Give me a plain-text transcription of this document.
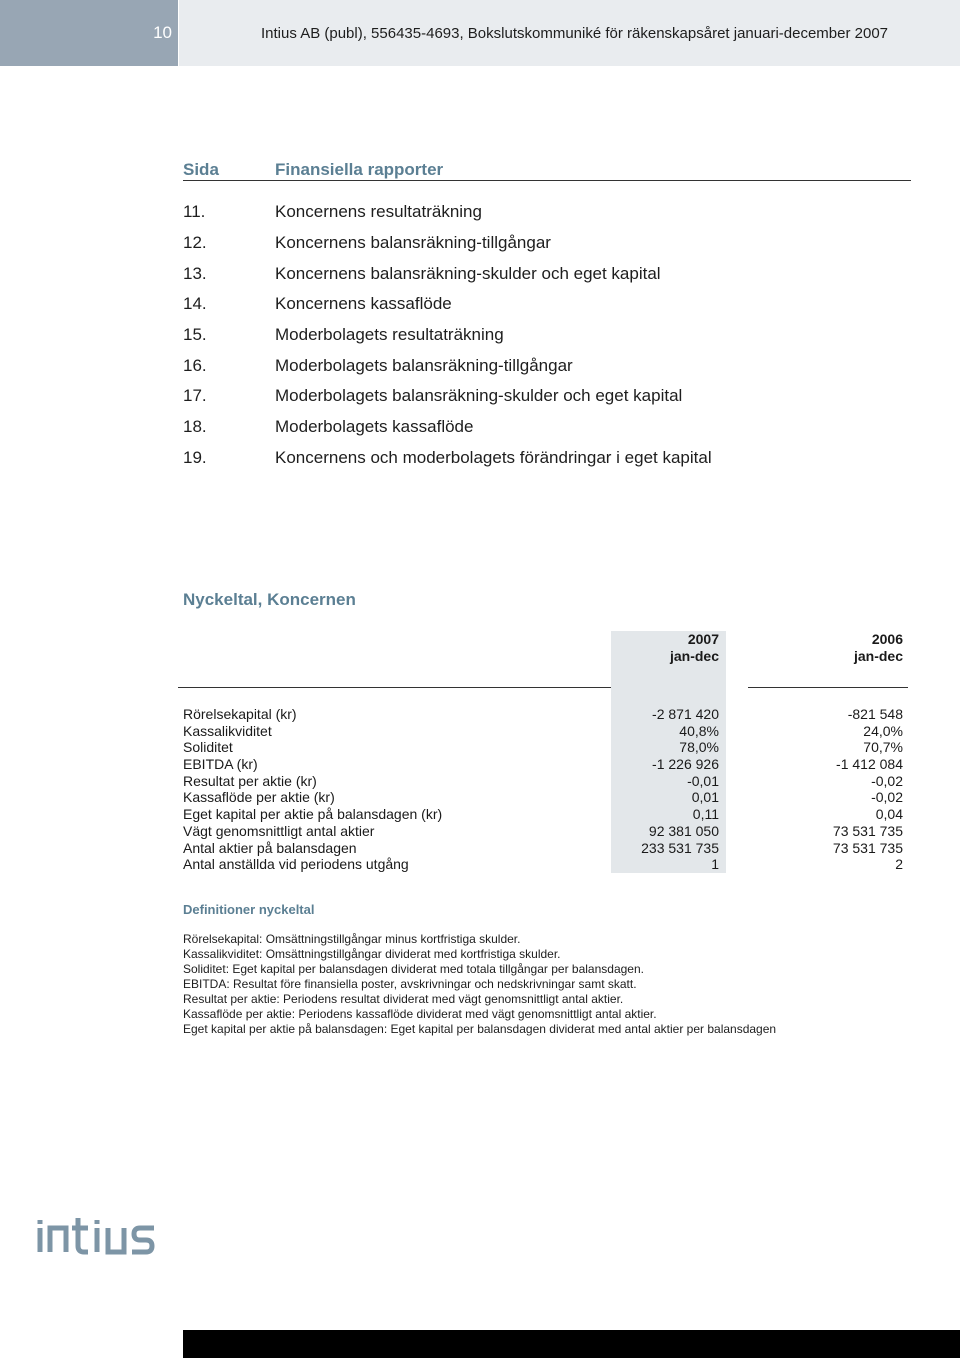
10	Intius AB (publ), 556435-4693, Bokslutskommuniké för räkenskapsåret januari-december 2007
Sida	Finansiella rapporter
11.	Koncernens resultaträkning
12.	Koncernens balansräkning-tillgångar
13.	Koncernens balansräkning-skulder och eget kapital
14.	Koncernens kassaflöde
15.	Moderbolagets resultaträkning
16.	Moderbolagets balansräkning-tillgångar
17.	Moderbolagets balansräkning-skulder och eget kapital
18.	Moderbolagets kassaflöde
19.	Koncernens och moderbolagets förändringar i eget kapital
Nyckeltal, Koncernen
2007
jan-dec
2006
jan-dec
Rörelsekapital (kr)	-2 871 420	-821 548
Kassalikviditet	40,8%	24,0%
Soliditet	78,0%	70,7%
EBITDA (kr)	-1 226 926	-1 412 084
Resultat per aktie (kr)	-0,01	-0,02
Kassaflöde per aktie (kr)	0,01	-0,02
Eget kapital per aktie på balansdagen (kr)	0,11	0,04
Vägt genomsnittligt antal aktier	92 381 050	73 531 735
Antal aktier på balansdagen	233 531 735	73 531 735
Antal anställda vid periodens utgång	1	2
Definitioner nyckeltal
Rörelsekapital: Omsättningstillgångar minus kortfristiga skulder.
Kassalikviditet: Omsättningstillgångar dividerat med kortfristiga skulder.
Soliditet: Eget kapital per balansdagen dividerat med totala tillgångar per balansdagen.
EBITDA: Resultat före finansiella poster, avskrivningar och nedskrivningar samt skatt.
Resultat per aktie: Periodens resultat dividerat med vägt genomsnittligt antal aktier.
Kassaflöde per aktie: Periodens kassaflöde dividerat med vägt genomsnittligt antal aktier.
Eget kapital per aktie på balansdagen: Eget kapital per balansdagen dividerat med antal aktier per balansdagen
